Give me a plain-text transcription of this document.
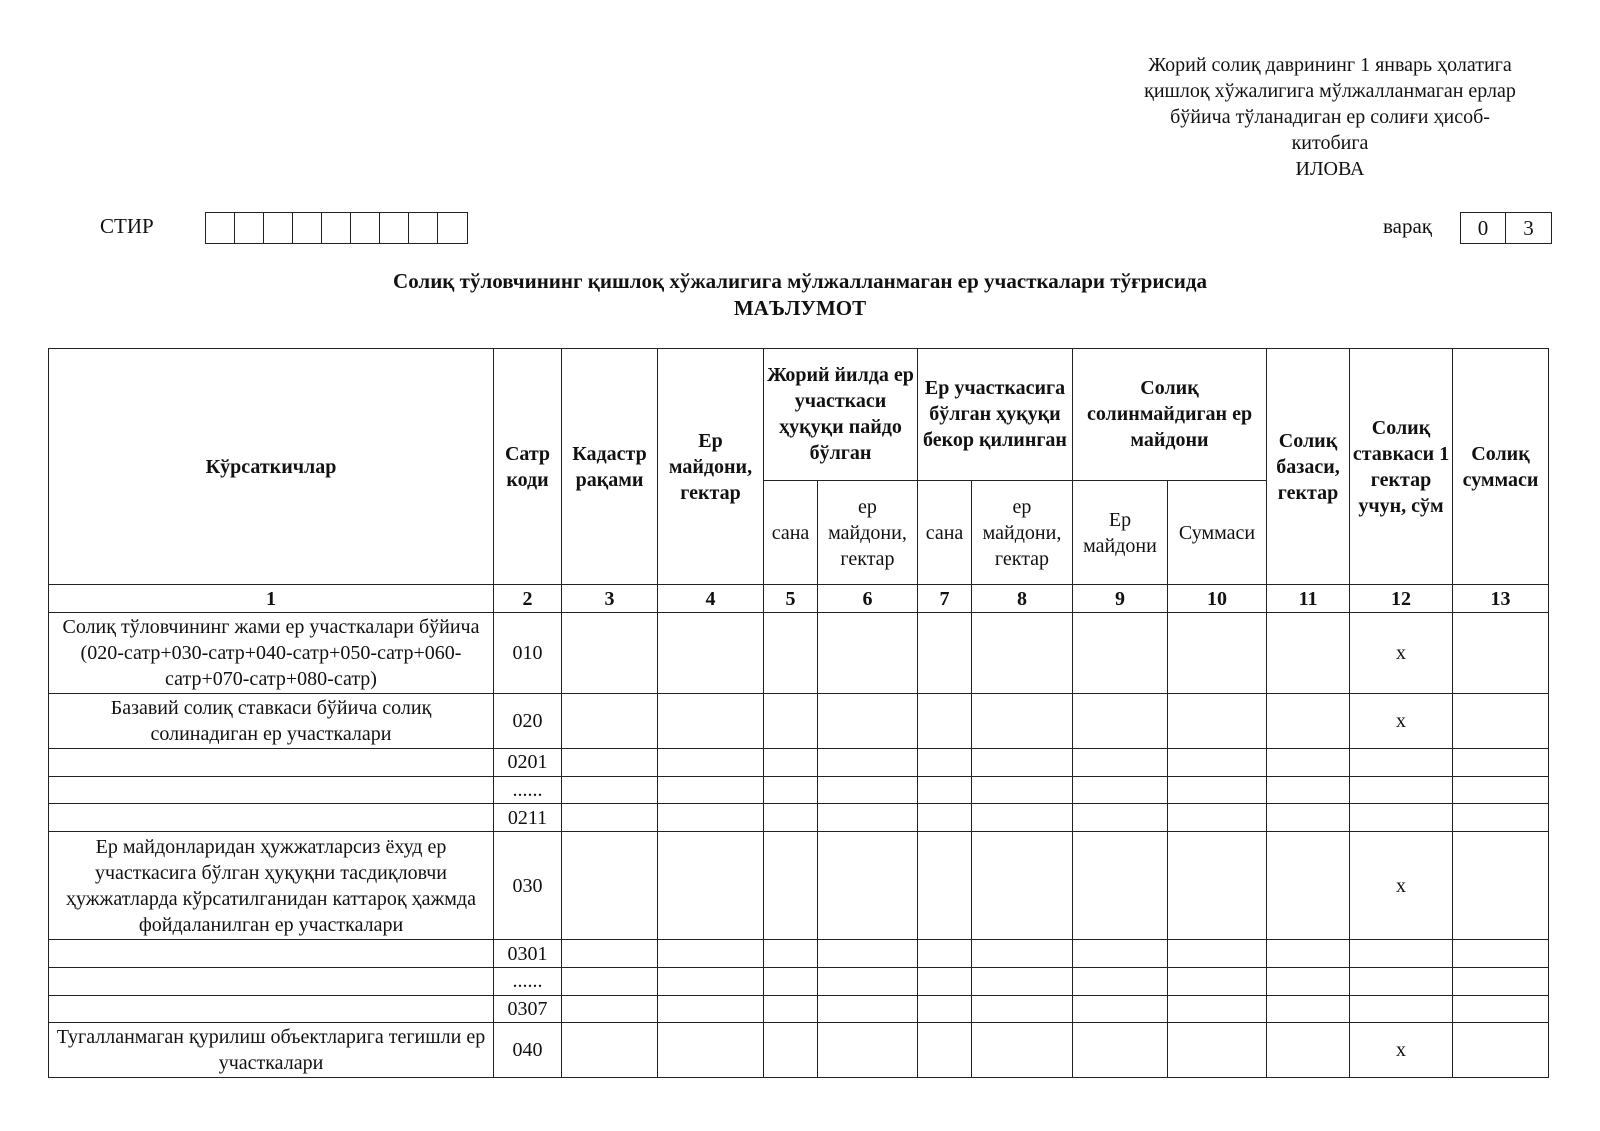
Жорий солиқ даврининг 1 январь ҳолатига
қишлоқ хўжалигига мўлжалланмаган ерлар
бўйича тўланадиган ер солиғи ҳисоб-
китобига
ИЛОВА
СТИР	варақ	0	3
Солиқ тўловчининг қишлоқ хўжалигига мўлжалланмаган ер участкалари тўғрисида
МАЪЛУМОТ
Кўрсаткичлар	Сатр коди	Кадастр рақами	Ер майдони, гектар	Жорий йилда ер участкаси ҳуқуқи пайдо бўлган		Ер участкасига бўлган ҳуқуқи бекор қилинган		Солиқ солинмайдиган ер майдони		Солиқ базаси, гектар	Солиқ ставкаси 1 гектар учун, сўм	Солиқ суммаси
				сана	ер майдони, гектар	сана	ер майдони, гектар	Ер майдони	Суммаси			
1	2	3	4	5	6	7	8	9	10	11	12	13
Солиқ тўловчининг жами ер участкалари бўйича (020-сатр+030-сатр+040-сатр+050-сатр+060-сатр+070-сатр+080-сатр)	010										x	
Базавий солиқ ставкаси бўйича солиқ солинадиган ер участкалари	020										x	
	0201											
	......											
	0211											
Ер майдонларидан ҳужжатларсиз ёхуд ер участкасига бўлган ҳуқуқни тасдиқловчи ҳужжатларда кўрсатилганидан каттароқ ҳажмда фойдаланилган ер участкалари	030										x	
	0301											
	......											
	0307											
Тугалланмаган қурилиш объектларига тегишли ер участкалари	040										x	
